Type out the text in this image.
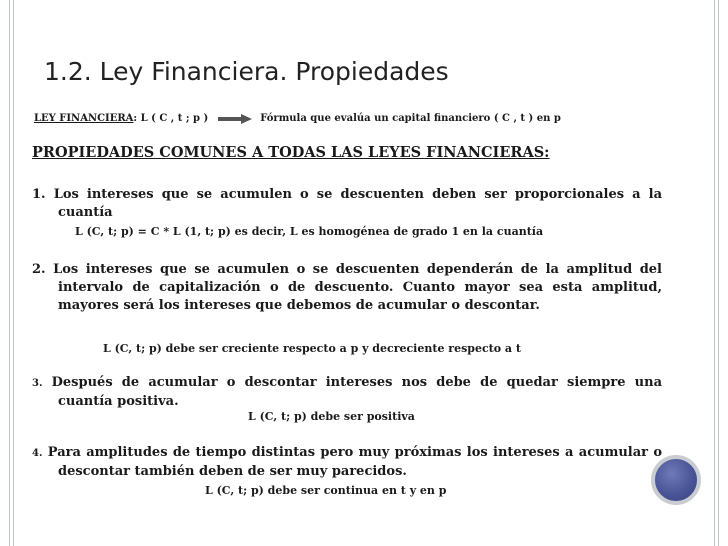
1.2. Ley Financiera. Propiedades
LEY FINANCIERA : L ( C , t ; p )	Fórmula que evalúa un capital financiero ( C , t ) en p
PROPIEDADES COMUNES A TODAS LAS LEYES FINANCIERAS:
1. Los intereses que se acumulen o se descuenten deben ser proporcionales a la cuantía
L (C, t; p) = C * L (1, t; p) es decir, L es homogénea de grado 1 en la cuantía
2. Los intereses que se acumulen o se descuenten dependerán de la amplitud del intervalo de capitalización o de descuento. Cuanto mayor sea esta amplitud, mayores será los intereses que debemos de acumular o descontar.
L (C, t; p) debe ser creciente respecto a p y decreciente respecto a t
3. Después de acumular o descontar intereses nos debe de quedar siempre una cuantía positiva.
L (C, t; p) debe ser positiva
4. Para amplitudes de tiempo distintas pero muy próximas los intereses a acumular o descontar también deben de ser muy parecidos.
L (C, t; p) debe ser continua en t y en p
